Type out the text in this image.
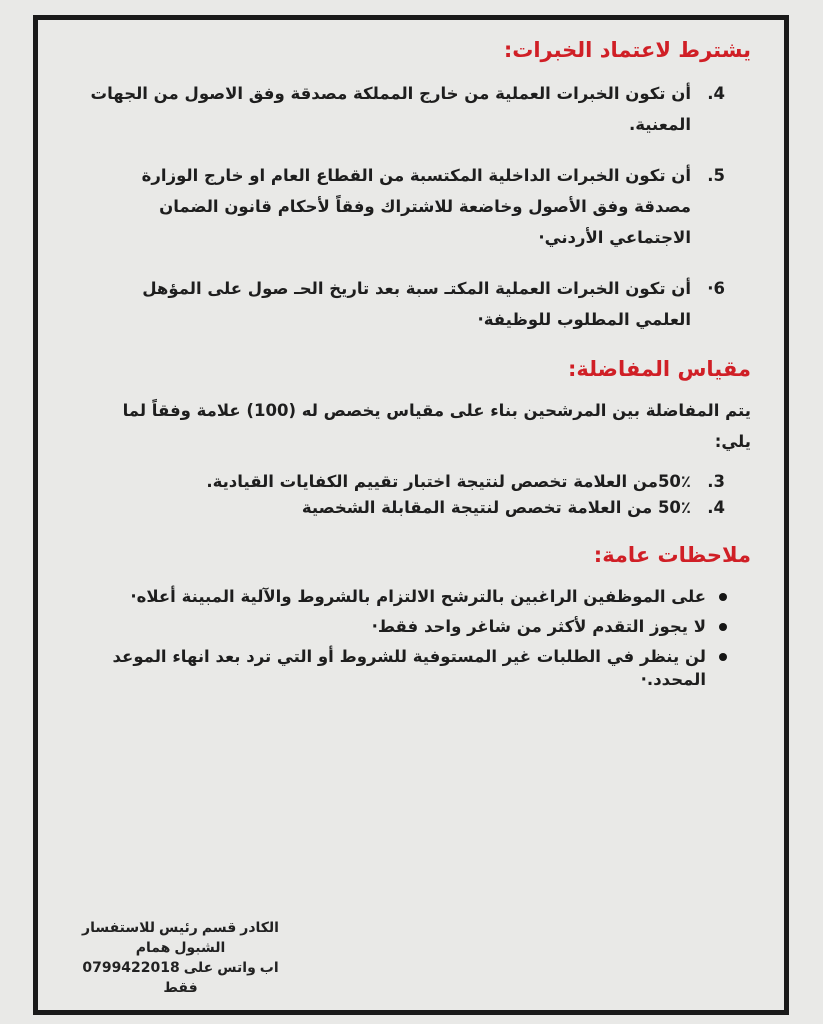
يشترط لاعتماد الخبرات:
4.
أن تكون الخبرات العملية من خارج المملكة مصدقة وفق الاصول من الجهات المعنية.
5.
أن تكون الخبرات الداخلية المكتسبة من القطاع العام او خارج الوزارة مصدقة وفق الأصول وخاضعة للاشتراك وفقاً لأحكام قانون الضمان الاجتماعي الأردني·
6·
أن تكون الخبرات العملية المكتـ سبة بعد تاريخ الحـ صول على المؤهل العلمي المطلوب للوظيفة·
مقياس المفاضلة:
يتم المفاضلة بين المرشحين بناء على مقياس يخصص له (100) علامة وفقاً لما يلي:
3.
50٪من العلامة تخصص لنتيجة اختبار تقييم الكفايات القيادية.
4.
50٪ من العلامة تخصص لنتيجة المقابلة الشخصية
ملاحظات عامة:
على الموظفين الراغبين بالترشح الالتزام بالشروط والآلية المبينة أعلاه·
لا يجوز التقدم لأكثر من شاغر واحد فقط·
لن ينظر في الطلبات غير المستوفية للشروط أو التي ترد بعد انهاء الموعد المحدد.·
للاستفسار رئيس قسم الكادر
همام الشبول
0799422018 على واتس ابفقط
